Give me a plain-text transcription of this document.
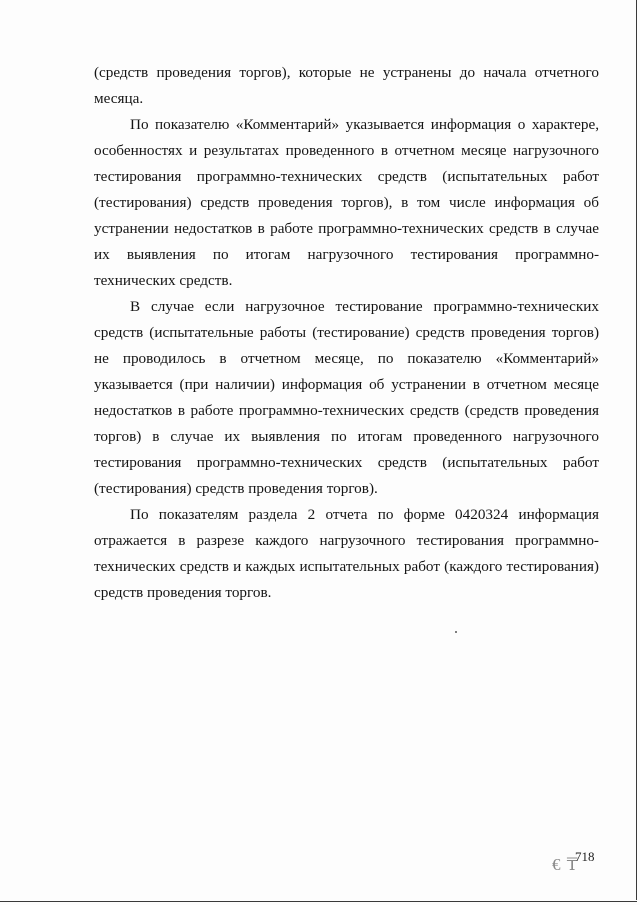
(средств проведения торгов), которые не устранены до начала отчетного месяца.

По показателю «Комментарий» указывается информация о характере, особенностях и результатах проведенного в отчетном месяце нагрузочного тестирования программно-технических средств (испытательных работ (тестирования) средств проведения торгов), в том числе информация об устранении недостатков в работе программно-технических средств в случае их выявления по итогам нагрузочного тестирования программно-технических средств.

В случае если нагрузочное тестирование программно-технических средств (испытательные работы (тестирование) средств проведения торгов) не проводилось в отчетном месяце, по показателю «Комментарий» указывается (при наличии) информация об устранении в отчетном месяце недостатков в работе программно-технических средств (средств проведения торгов) в случае их выявления по итогам проведенного нагрузочного тестирования программно-технических средств (испытательных работ (тестирования) средств проведения торгов).

По показателям раздела 2 отчета по форме 0420324 информация отражается в разрезе каждого нагрузочного тестирования программно-технических средств и каждых испытательных работ (каждого тестирования) средств проведения торгов.

€ ₸
718
